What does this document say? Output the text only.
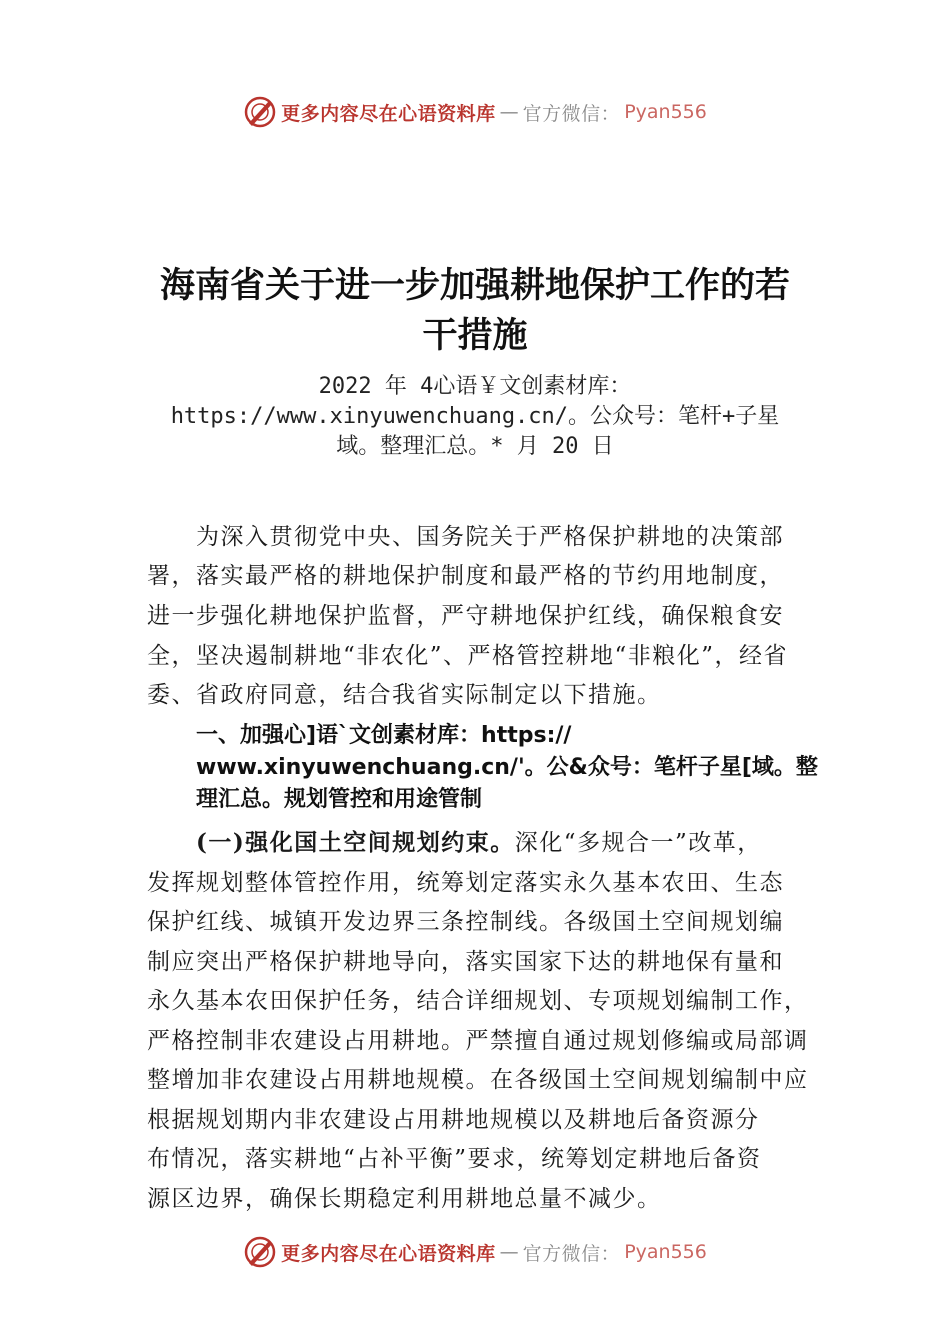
更多内容尽在心语资料库 — 官方微信： Pyan556
海南省关于进一步加强耕地保护工作的若
干措施
2022 年 4心语￥文创素材库：
https://www.xinyuwenchuang.cn/。公众号：笔杆+子星
域。整理汇总。* 月 20 日
为深入贯彻党中央、国务院关于严格保护耕地的决策部
署，落实最严格的耕地保护制度和最严格的节约用地制度，
进一步强化耕地保护监督，严守耕地保护红线，确保粮食安
全，坚决遏制耕地“非农化”、严格管控耕地“非粮化”，经省
委、省政府同意，结合我省实际制定以下措施。
一、加强心]语`文创素材库：https://
www.xinyuwenchuang.cn/'。公&众号：笔杆子星[域。整
理汇总。规划管控和用途管制
(一)强化国土空间规划约束。深化“多规合一”改革，
发挥规划整体管控作用，统筹划定落实永久基本农田、生态
保护红线、城镇开发边界三条控制线。各级国土空间规划编
制应突出严格保护耕地导向，落实国家下达的耕地保有量和
永久基本农田保护任务，结合详细规划、专项规划编制工作，
严格控制非农建设占用耕地。严禁擅自通过规划修编或局部调
整增加非农建设占用耕地规模。在各级国土空间规划编制中应
根据规划期内非农建设占用耕地规模以及耕地后备资源分
布情况，落实耕地“占补平衡”要求，统筹划定耕地后备资
源区边界，确保长期稳定利用耕地总量不减少。
更多内容尽在心语资料库 — 官方微信： Pyan556
